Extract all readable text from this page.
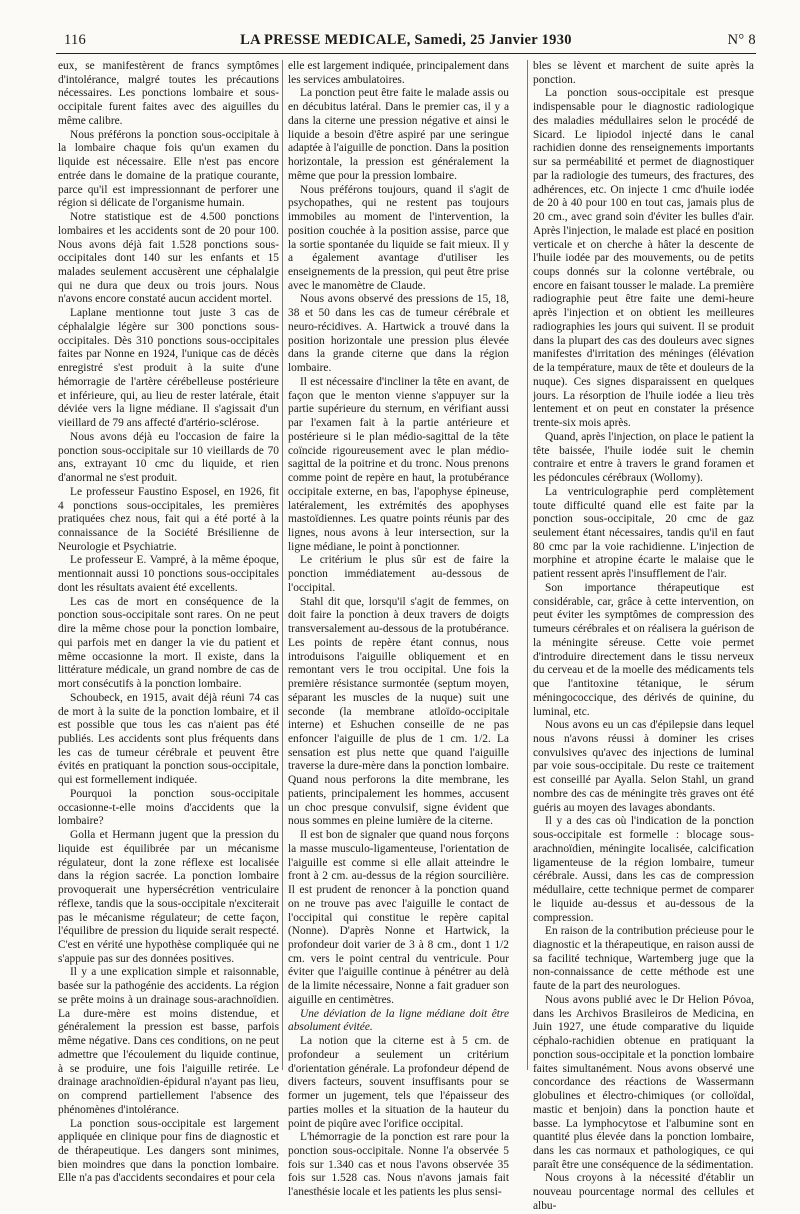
116	LA PRESSE MEDICALE, Samedi, 25 Janvier 1930	N° 8

eux, se manifestèrent de francs symptômes d'intolérance, malgré toutes les précautions nécessaires. Les ponctions lombaire et sous-occipitale furent faites avec des aiguilles du même calibre.

Nous préférons la ponction sous-occipitale à la lombaire chaque fois qu'un examen du liquide est nécessaire. Elle n'est pas encore entrée dans le domaine de la pratique courante, parce qu'il est impressionnant de perforer une région si délicate de l'organisme humain.

Notre statistique est de 4.500 ponctions lombaires et les accidents sont de 20 pour 100. Nous avons déjà fait 1.528 ponctions sous-occipitales dont 140 sur les enfants et 15 malades seulement accusèrent une céphalalgie qui ne dura que deux ou trois jours. Nous n'avons encore constaté aucun accident mortel.

Laplane mentionne tout juste 3 cas de céphalalgie légère sur 300 ponctions sous-occipitales. Dès 310 ponctions sous-occipitales faites par Nonne en 1924, l'unique cas de décès enregistré s'est produit à la suite d'une hémorragie de l'artère cérébelleuse postérieure et inférieure, qui, au lieu de rester latérale, était déviée vers la ligne médiane. Il s'agissait d'un vieillard de 79 ans affecté d'artério-sclérose.

Nous avons déjà eu l'occasion de faire la ponction sous-occipitale sur 10 vieillards de 70 ans, extrayant 10 cmc du liquide, et rien d'anormal ne s'est produit.

Le professeur Faustino Esposel, en 1926, fit 4 ponctions sous-occipitales, les premières pratiquées chez nous, fait qui a été porté à la connaissance de la Société Brésilienne de Neurologie et Psychiatrie.

Le professeur E. Vampré, à la même époque, mentionnait aussi 10 ponctions sous-occipitales dont les résultats avaient été excellents.

Les cas de mort en conséquence de la ponction sous-occipitale sont rares. On ne peut dire la même chose pour la ponction lombaire, qui parfois met en danger la vie du patient et même occasionne la mort. Il existe, dans la littérature médicale, un grand nombre de cas de mort consécutifs à la ponction lombaire.

Schoubeck, en 1915, avait déjà réuni 74 cas de mort à la suite de la ponction lombaire, et il est possible que tous les cas n'aient pas été publiés. Les accidents sont plus fréquents dans les cas de tumeur cérébrale et peuvent être évités en pratiquant la ponction sous-occipitale, qui est formellement indiquée.

Pourquoi la ponction sous-occipitale occasionne-t-elle moins d'accidents que la lombaire?

Golla et Hermann jugent que la pression du liquide est équilibrée par un mécanisme régulateur, dont la zone réflexe est localisée dans la région sacrée. La ponction lombaire provoquerait une hypersécrétion ventriculaire réflexe, tandis que la sous-occipitale n'exciterait pas le mécanisme régulateur; de cette façon, l'équilibre de pression du liquide serait respecté. C'est en vérité une hypothèse compliquée qui ne s'appuie pas sur des données positives.

Il y a une explication simple et raisonnable, basée sur la pathogénie des accidents. La région se prête moins à un drainage sous-arachnoïdien. La dure-mère est moins distendue, et généralement la pression est basse, parfois même négative. Dans ces conditions, on ne peut admettre que l'écoulement du liquide continue, à se produire, une fois l'aiguille retirée. Le drainage arachnoïdien-épidural n'ayant pas lieu, on comprend partiellement l'absence des phénomènes d'intolérance.

La ponction sous-occipitale est largement appliquée en clinique pour fins de diagnostic et de thérapeutique. Les dangers sont minimes, bien moindres que dans la ponction lombaire. Elle n'a pas d'accidents secondaires et pour cela

elle est largement indiquée, principalement dans les services ambulatoires.

La ponction peut être faite le malade assis ou en décubitus latéral. Dans le premier cas, il y a dans la citerne une pression négative et ainsi le liquide a besoin d'être aspiré par une seringue adaptée à l'aiguille de ponction. Dans la position horizontale, la pression est généralement la même que pour la pression lombaire.

Nous préférons toujours, quand il s'agit de psychopathes, qui ne restent pas toujours immobiles au moment de l'intervention, la position couchée à la position assise, parce que la sortie spontanée du liquide se fait mieux. Il y a également avantage d'utiliser les enseignements de la pression, qui peut être prise avec le manomètre de Claude.

Nous avons observé des pressions de 15, 18, 38 et 50 dans les cas de tumeur cérébrale et neuro-récidives. A. Hartwick a trouvé dans la position horizontale une pression plus élevée dans la grande citerne que dans la région lombaire.

Il est nécessaire d'incliner la tête en avant, de façon que le menton vienne s'appuyer sur la partie supérieure du sternum, en vérifiant aussi par l'examen fait à la partie antérieure et postérieure si le plan médio-sagittal de la tête coïncide rigoureusement avec le plan médio-sagittal de la poitrine et du tronc. Nous prenons comme point de repère en haut, la protubérance occipitale externe, en bas, l'apophyse épineuse, latéralement, les extrémités des apophyses mastoïdiennes. Les quatre points réunis par des lignes, nous avons à leur intersection, sur la ligne médiane, le point à ponctionner.

Le critérium le plus sûr est de faire la ponction immédiatement au-dessous de l'occipital.

Stahl dit que, lorsqu'il s'agit de femmes, on doit faire la ponction à deux travers de doigts transversalement au-dessous de la protubérance. Les points de repère étant connus, nous introduisons l'aiguille obliquement et en remontant vers le trou occipital. Une fois la première résistance surmontée (septum moyen, séparant les muscles de la nuque) suit une seconde (la membrane atloïdo-occipitale interne) et Eshuchen conseille de ne pas enfoncer l'aiguille de plus de 1 cm. 1/2. La sensation est plus nette que quand l'aiguille traverse la dure-mère dans la ponction lombaire. Quand nous perforons la dite membrane, les patients, principalement les hommes, accusent un choc presque convulsif, signe évident que nous sommes en pleine lumière de la citerne.

Il est bon de signaler que quand nous forçons la masse musculo-ligamenteuse, l'orientation de l'aiguille est comme si elle allait atteindre le front à 2 cm. au-dessus de la région sourcilière. Il est prudent de renoncer à la ponction quand on ne trouve pas avec l'aiguille le contact de l'occipital qui constitue le repère capital (Nonne). D'après Nonne et Hartwick, la profondeur doit varier de 3 à 8 cm., dont 1 1/2 cm. vers le point central du ventricule. Pour éviter que l'aiguille continue à pénétrer au delà de la limite nécessaire, Nonne a fait graduer son aiguille en centimètres.

Une déviation de la ligne médiane doit être absolument évitée.

La notion que la citerne est à 5 cm. de profondeur a seulement un critérium d'orientation générale. La profondeur dépend de divers facteurs, souvent insuffisants pour se former un jugement, tels que l'épaisseur des parties molles et la situation de la hauteur du point de piqûre avec l'orifice occipital.

L'hémorragie de la ponction est rare pour la ponction sous-occipitale. Nonne l'a observée 5 fois sur 1.340 cas et nous l'avons observée 35 fois sur 1.528 cas. Nous n'avons jamais fait l'anesthésie locale et les patients les plus sensi-

bles se lèvent et marchent de suite après la ponction.

La ponction sous-occipitale est presque indispensable pour le diagnostic radiologique des maladies médullaires selon le procédé de Sicard. Le lipiodol injecté dans le canal rachidien donne des renseignements importants sur sa perméabilité et permet de diagnostiquer par la radiologie des tumeurs, des fractures, des adhérences, etc. On injecte 1 cmc d'huile iodée de 20 à 40 pour 100 en tout cas, jamais plus de 20 cm., avec grand soin d'éviter les bulles d'air. Après l'injection, le malade est placé en position verticale et on cherche à hâter la descente de l'huile iodée par des mouvements, ou de petits coups donnés sur la colonne vertébrale, ou encore en faisant tousser le malade. La première radiographie peut être faite une demi-heure après l'injection et on obtient les meilleures radiographies les jours qui suivent. Il se produit dans la plupart des cas des douleurs avec signes manifestes d'irritation des méninges (élévation de la température, maux de tête et douleurs de la nuque). Ces signes disparaissent en quelques jours. La résorption de l'huile iodée a lieu très lentement et on peut en constater la présence trente-six mois après.

Quand, après l'injection, on place le patient la tête baissée, l'huile iodée suit le chemin contraire et entre à travers le grand foramen et les pédoncules cérébraux (Wollomy).

La ventriculographie perd complètement toute difficulté quand elle est faite par la ponction sous-occipitale, 20 cmc de gaz seulement étant nécessaires, tandis qu'il en faut 80 cmc par la voie rachidienne. L'injection de morphine et atropine écarte le malaise que le patient ressent après l'insufflement de l'air.

Son importance thérapeutique est considérable, car, grâce à cette intervention, on peut éviter les symptômes de compression des tumeurs cérébrales et on réalisera la guérison de la méningite séreuse. Cette voie permet d'introduire directement dans le tissu nerveux du cerveau et de la moelle des médicaments tels que l'antitoxine tétanique, le sérum méningococcique, des dérivés de quinine, du luminal, etc.

Nous avons eu un cas d'épilepsie dans lequel nous n'avons réussi à dominer les crises convulsives qu'avec des injections de luminal par voie sous-occipitale. Du reste ce traitement est conseillé par Ayalla. Selon Stahl, un grand nombre des cas de méningite très graves ont été guéris au moyen des lavages abondants.

Il y a des cas où l'indication de la ponction sous-occipitale est formelle : blocage sous-arachnoïdien, méningite localisée, calcification ligamenteuse de la région lombaire, tumeur cérébrale. Aussi, dans les cas de compression médullaire, cette technique permet de comparer le liquide au-dessus et au-dessous de la compression.

En raison de la contribution précieuse pour le diagnostic et la thérapeutique, en raison aussi de sa facilité technique, Wartemberg juge que la non-connaissance de cette méthode est une faute de la part des neurologues.

Nous avons publié avec le Dr Helion Póvoa, dans les Archivos Brasileiros de Medicina, en Juin 1927, une étude comparative du liquide céphalo-rachidien obtenue en pratiquant la ponction sous-occipitale et la ponction lombaire faites simultanément. Nous avons observé une concordance des réactions de Wassermann globulines et électro-chimiques (or colloïdal, mastic et benjoin) dans la ponction haute et basse. La lymphocytose et l'albumine sont en quantité plus élevée dans la ponction lombaire, dans les cas normaux et pathologiques, ce qui paraît être une conséquence de la sédimentation.

Nous croyons à la nécessité d'établir un nouveau pourcentage normal des cellules et albu-
